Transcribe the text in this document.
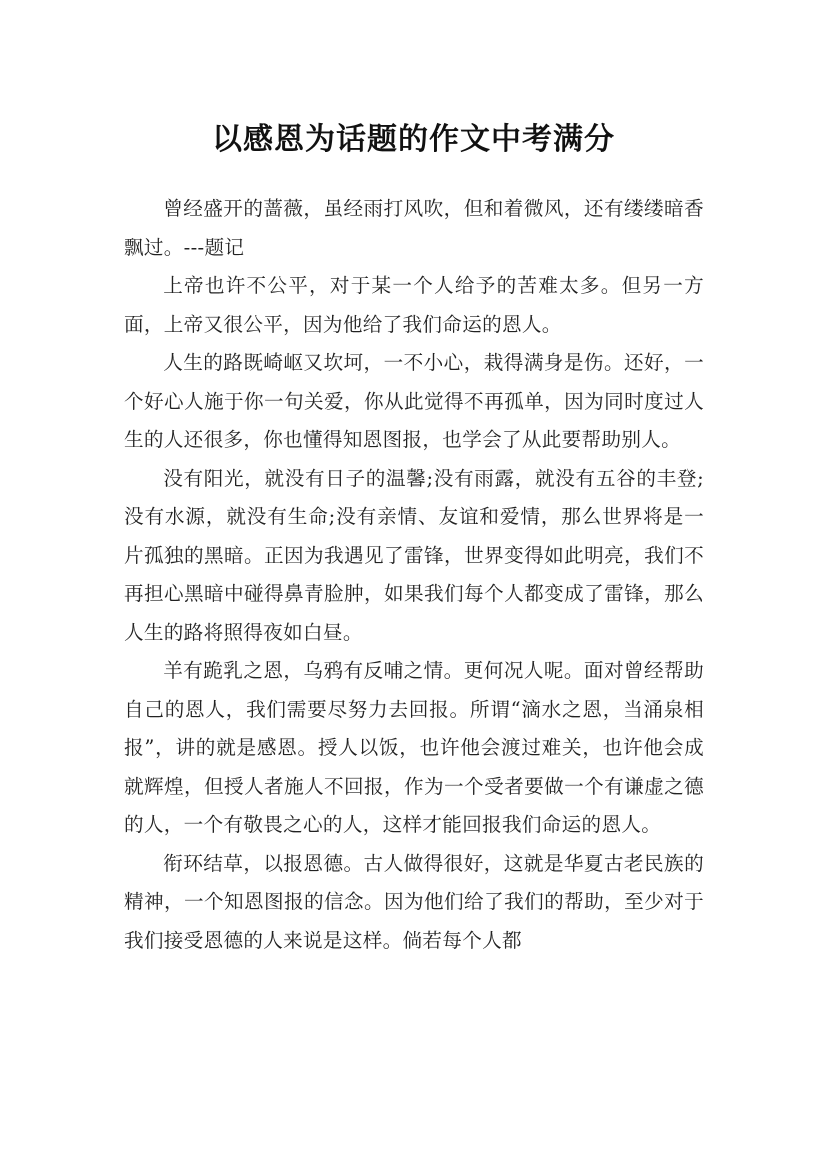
以感恩为话题的作文中考满分

曾经盛开的蔷薇，虽经雨打风吹，但和着微风，还有缕缕暗香飘过。---题记

上帝也许不公平，对于某一个人给予的苦难太多。但另一方面，上帝又很公平，因为他给了我们命运的恩人。

人生的路既崎岖又坎坷，一不小心，栽得满身是伤。还好，一个好心人施于你一句关爱，你从此觉得不再孤单，因为同时度过人生的人还很多，你也懂得知恩图报，也学会了从此要帮助别人。

没有阳光，就没有日子的温馨;没有雨露，就没有五谷的丰登;没有水源，就没有生命;没有亲情、友谊和爱情，那么世界将是一片孤独的黑暗。正因为我遇见了雷锋，世界变得如此明亮，我们不再担心黑暗中碰得鼻青脸肿，如果我们每个人都变成了雷锋，那么人生的路将照得夜如白昼。

羊有跪乳之恩，乌鸦有反哺之情。更何况人呢。面对曾经帮助自己的恩人，我们需要尽努力去回报。所谓“滴水之恩，当涌泉相报”，讲的就是感恩。授人以饭，也许他会渡过难关，也许他会成就辉煌，但授人者施人不回报，作为一个受者要做一个有谦虚之德的人，一个有敬畏之心的人，这样才能回报我们命运的恩人。

衔环结草，以报恩德。古人做得很好，这就是华夏古老民族的精神，一个知恩图报的信念。因为他们给了我们的帮助，至少对于我们接受恩德的人来说是这样。倘若每个人都
